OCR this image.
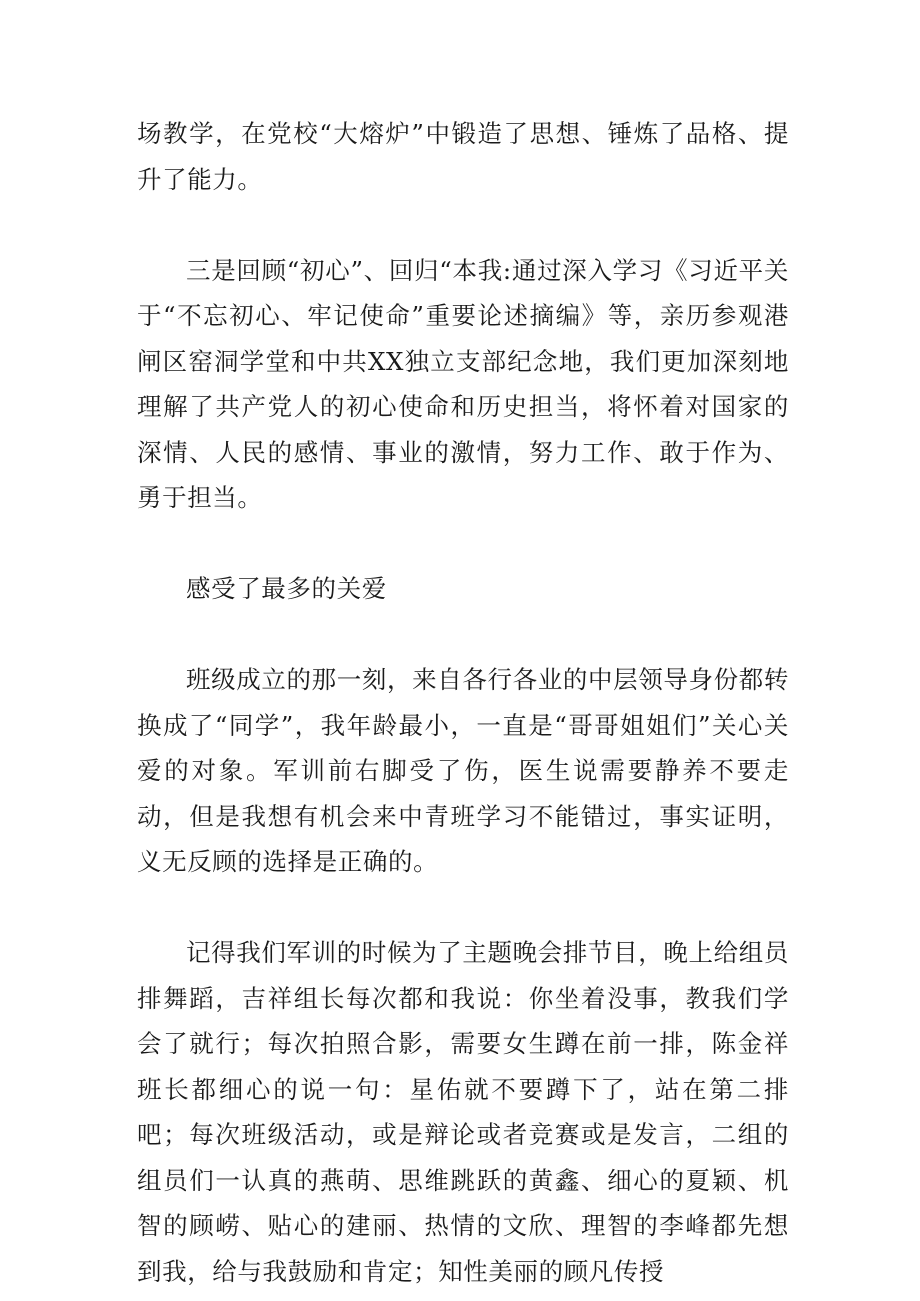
场教学，在党校“大熔炉”中锻造了思想、锤炼了品格、提升了能力。

三是回顾“初心”、回归“本我:通过深入学习《习近平关于“不忘初心、牢记使命”重要论述摘编》等，亲历参观港闸区窑洞学堂和中共XX独立支部纪念地，我们更加深刻地理解了共产党人的初心使命和历史担当，将怀着对国家的深情、人民的感情、事业的激情，努力工作、敢于作为、勇于担当。

感受了最多的关爱

班级成立的那一刻，来自各行各业的中层领导身份都转换成了“同学”，我年龄最小，一直是“哥哥姐姐们”关心关爱的对象。军训前右脚受了伤，医生说需要静养不要走动，但是我想有机会来中青班学习不能错过，事实证明，义无反顾的选择是正确的。

记得我们军训的时候为了主题晚会排节目，晚上给组员排舞蹈，吉祥组长每次都和我说：你坐着没事，教我们学会了就行；每次拍照合影，需要女生蹲在前一排，陈金祥班长都细心的说一句：星佑就不要蹲下了，站在第二排吧；每次班级活动，或是辩论或者竞赛或是发言，二组的组员们一认真的燕萌、思维跳跃的黄鑫、细心的夏颖、机智的顾崂、贴心的建丽、热情的文欣、理智的李峰都先想到我，给与我鼓励和肯定；知性美丽的顾凡传授
